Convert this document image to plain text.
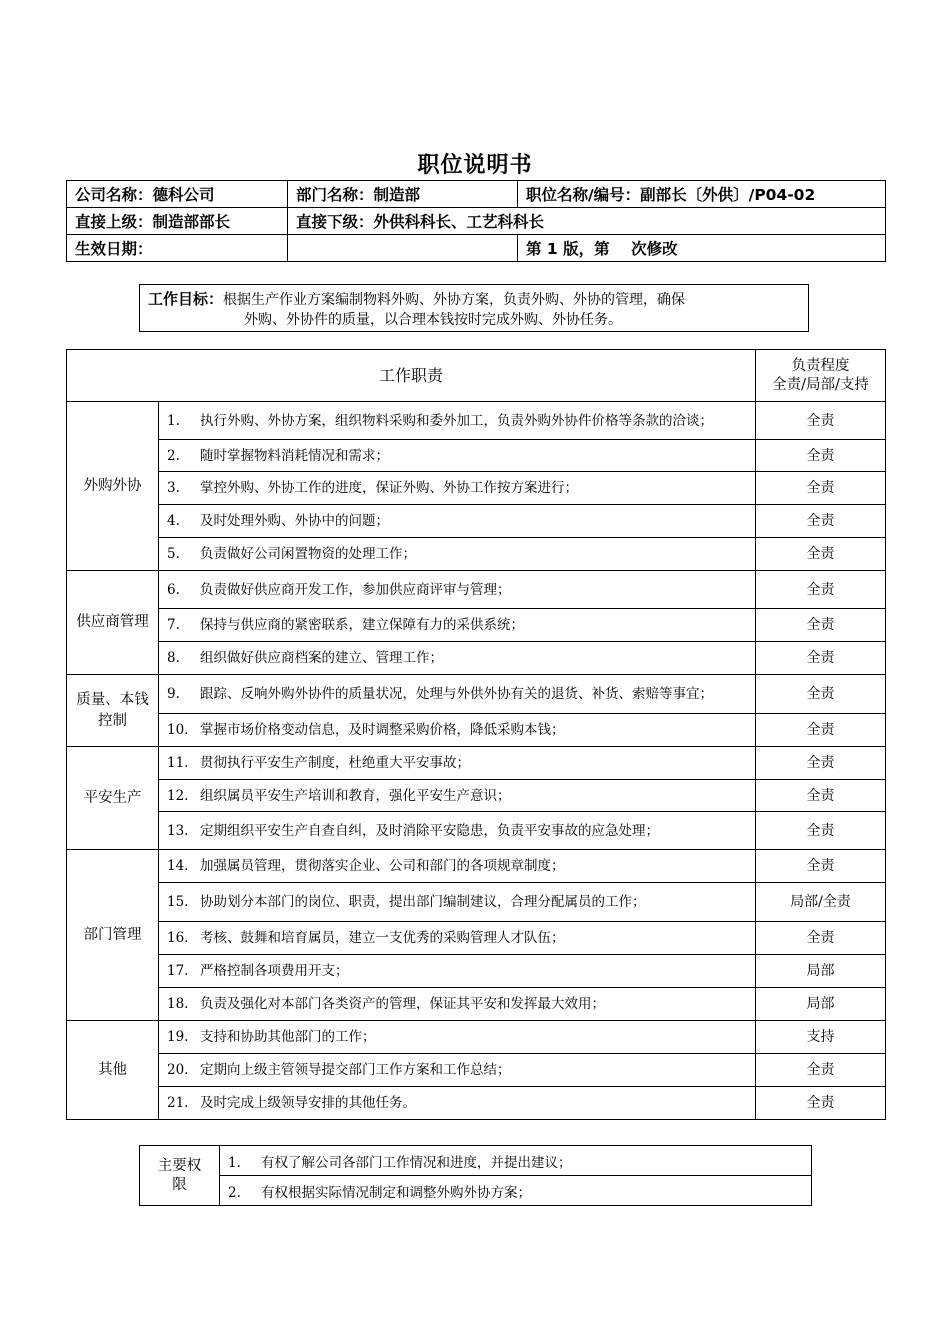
职位说明书
公司名称：德科公司	部门名称：制造部	职位名称/编号：副部长〔外供〕/P04-02
直接上级：制造部部长	直接下级：外供科科长、工艺科科长	
生效日期：		第 1 版，第    次修改
工作目标：根据生产作业方案编制物料外购、外协方案，负责外购、外协的管理，确保
外购、外协件的质量，以合理本钱按时完成外购、外协任务。
工作职责		负责程度
全责/局部/支持

外购外协	1. 执行外购、外协方案，组织物料采购和委外加工，负责外购外协件价格等条款的洽谈；	全责

	2. 随时掌握物料消耗情况和需求；	全责

	3. 掌控外购、外协工作的进度，保证外购、外协工作按方案进行；	全责

	4. 及时处理外购、外协中的问题；	全责

	5. 负责做好公司闲置物资的处理工作；	全责
供应商管理	6. 负责做好供应商开发工作，参加供应商评审与管理；	全责

	7. 保持与供应商的紧密联系，建立保障有力的采供系统；	全责

	8. 组织做好供应商档案的建立、管理工作；	全责
质量、本钱控制	9. 跟踪、反响外购外协件的质量状况，处理与外供外协有关的退货、补货、索赔等事宜；	全责

	10. 掌握市场价格变动信息，及时调整采购价格，降低采购本钱；	全责
平安生产	11. 贯彻执行平安生产制度，杜绝重大平安事故；	全责

	12. 组织属员平安生产培训和教育，强化平安生产意识；	全责

	13. 定期组织平安生产自查自纠，及时消除平安隐患，负责平安事故的应急处理；	全责
部门管理	14. 加强属员管理，贯彻落实企业、公司和部门的各项规章制度；	全责

	15. 协助划分本部门的岗位、职责，提出部门编制建议，合理分配属员的工作；	局部/全责

	16. 考核、鼓舞和培育属员，建立一支优秀的采购管理人才队伍；	全责

	17. 严格控制各项费用开支；	局部

	18. 负责及强化对本部门各类资产的管理，保证其平安和发挥最大效用；	局部
其他	19. 支持和协助其他部门的工作；	支持

	20. 定期向上级主管领导提交部门工作方案和工作总结；	全责

	21. 及时完成上级领导安排的其他任务。	全责
主要权限	1. 有权了解公司各部门工作情况和进度，并提出建议；
2. 有权根据实际情况制定和调整外购外协方案；
